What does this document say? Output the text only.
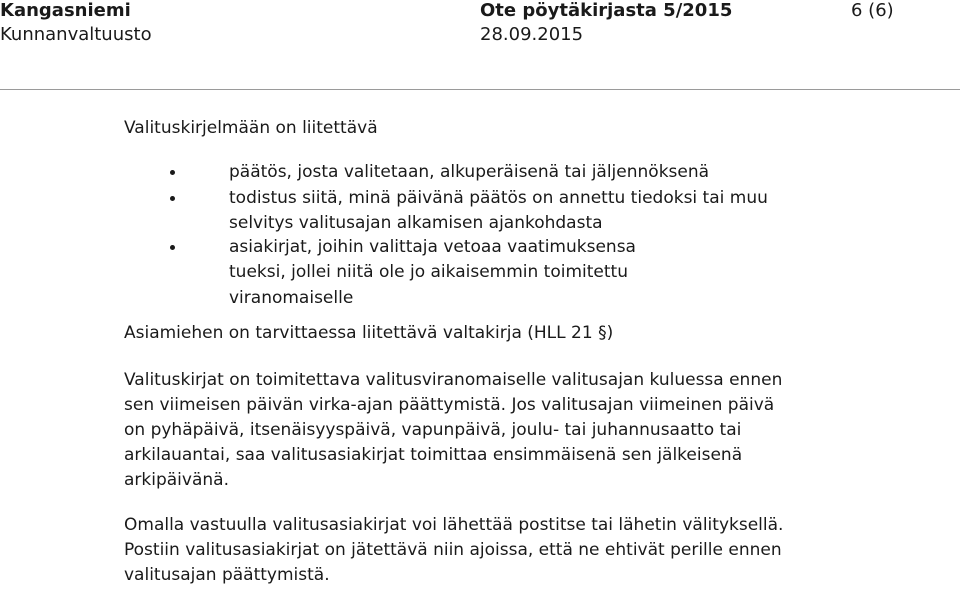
Kangasniemi
Kunnanvaltuusto
Ote pöytäkirjasta 5/2015
28.09.2015
6 (6)
Valituskirjelmään on liitettävä
päätös, josta valitetaan, alkuperäisenä tai jäljennöksenä
todistus siitä, minä päivänä päätös on annettu tiedoksi tai muu
selvitys valitusajan alkamisen ajankohdasta
asiakirjat, joihin valittaja vetoaa vaatimuksensa
tueksi, jollei niitä ole jo aikaisemmin toimitettu
viranomaiselle
Asiamiehen on tarvittaessa liitettävä valtakirja (HLL 21 §)
Valituskirjat on toimitettava valitusviranomaiselle valitusajan kuluessa ennen
sen viimeisen päivän virka-ajan päättymistä. Jos valitusajan viimeinen päivä
on pyhäpäivä, itsenäisyyspäivä, vapunpäivä, joulu- tai juhannusaatto tai
arkilauantai, saa valitusasiakirjat toimittaa ensimmäisenä sen jälkeisenä
arkipäivänä.
Omalla vastuulla valitusasiakirjat voi lähettää postitse tai lähetin välityksellä.
Postiin valitusasiakirjat on jätettävä niin ajoissa, että ne ehtivät perille ennen
valitusajan päättymistä.
